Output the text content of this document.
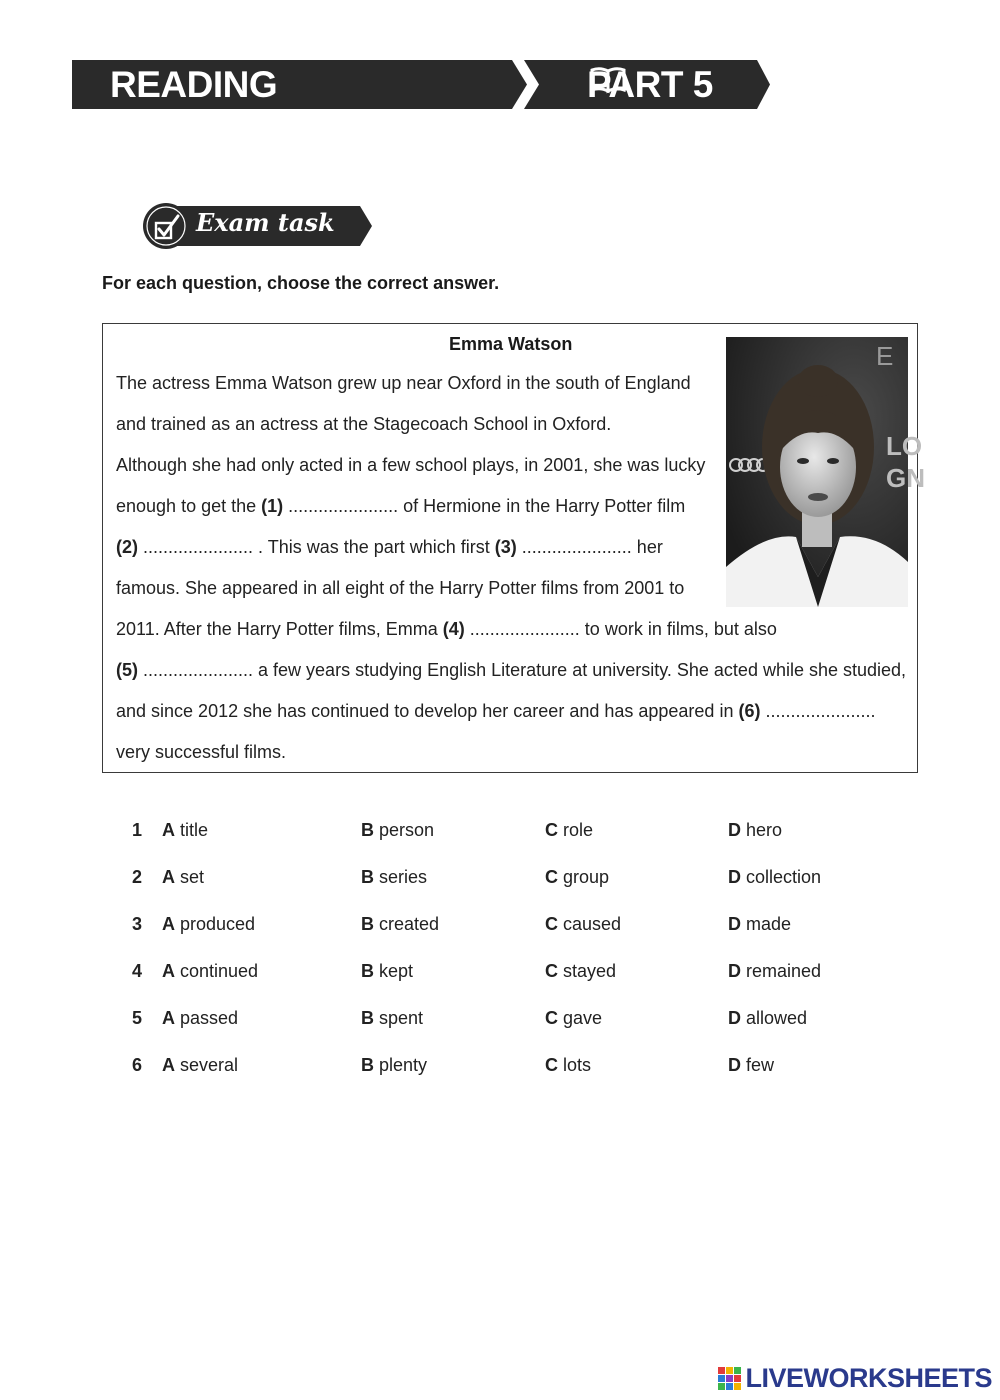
READING	PART 5
Exam task
For each question, choose the correct answer.
Emma Watson	E
LO
GN
The actress Emma Watson grew up near Oxford in the south of England
and trained as an actress at the Stagecoach School in Oxford.
Although she had only acted in a few school plays, in 2001, she was lucky
enough to get the (1) ...................... of Hermione in the Harry Potter film
(2) ...................... . This was the part which first (3) ...................... her
famous. She appeared in all eight of the Harry Potter films from 2001 to
2011. After the Harry Potter films, Emma (4) ...................... to work in films, but also
(5) ...................... a few years studying English Literature at university. She acted while she studied,
and since 2012 she has continued to develop her career and has appeared in (6) ......................
very successful films.
1 A title	B person	C role	D hero
2 A set	B series	C group	D collection
3 A produced	B created	C caused	D made
4 A continued	B kept	C stayed	D remained
5 A passed	B spent	C gave	D allowed
6 A several	B plenty	C lots	D few
LIVEWORKSHEETS
